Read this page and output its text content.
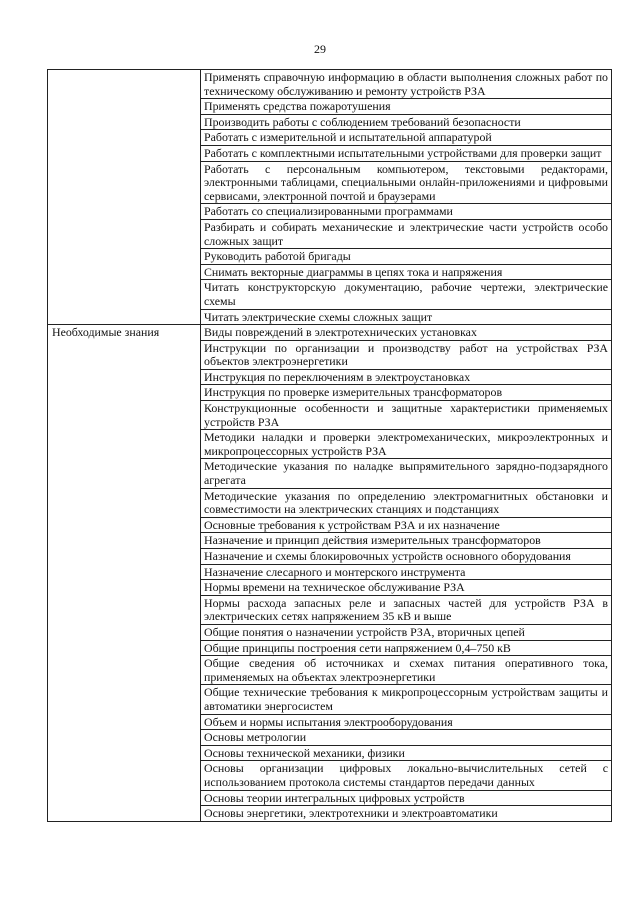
29

	Применять справочную информацию в области выполнения сложных работ по техническому обслуживанию и ремонту устройств РЗА

	Применять средства пожаротушения

	Производить работы с соблюдением требований безопасности

	Работать с измерительной и испытательной аппаратурой

	Работать с комплектными испытательными устройствами для проверки защит

	Работать с персональным компьютером, текстовыми редакторами, электронными таблицами, специальными онлайн-приложениями и цифровыми сервисами, электронной почтой и браузерами

	Работать со специализированными программами

	Разбирать и собирать механические и электрические части устройств особо сложных защит

	Руководить работой бригады

	Снимать векторные диаграммы в цепях тока и напряжения

	Читать конструкторскую документацию, рабочие чертежи, электрические схемы

	Читать электрические схемы сложных защит

Необходимые знания	Виды повреждений в электротехнических установках

	Инструкции по организации и производству работ на устройствах РЗА объектов электроэнергетики

	Инструкция по переключениям в электроустановках

	Инструкция по проверке измерительных трансформаторов

	Конструкционные особенности и защитные характеристики применяемых устройств РЗА

	Методики наладки и проверки электромеханических, микроэлектронных и микропроцессорных устройств РЗА

	Методические указания по наладке выпрямительного зарядно-подзарядного агрегата

	Методические указания по определению электромагнитных обстановки и совместимости на электрических станциях и подстанциях

	Основные требования к устройствам РЗА и их назначение

	Назначение и принцип действия измерительных трансформаторов

	Назначение и схемы блокировочных устройств основного оборудования

	Назначение слесарного и монтерского инструмента

	Нормы времени на техническое обслуживание РЗА

	Нормы расхода запасных реле и запасных частей для устройств РЗА в электрических сетях напряжением 35 кВ и выше

	Общие понятия о назначении устройств РЗА, вторичных цепей

	Общие принципы построения сети напряжением 0,4–750 кВ

	Общие сведения об источниках и схемах питания оперативного тока, применяемых на объектах электроэнергетики

	Общие технические требования к микропроцессорным устройствам защиты и автоматики энергосистем

	Объем и нормы испытания электрооборудования

	Основы метрологии

	Основы технической механики, физики

	Основы организации цифровых локально-вычислительных сетей с использованием протокола системы стандартов передачи данных

	Основы теории интегральных цифровых устройств

	Основы энергетики, электротехники и электроавтоматики
